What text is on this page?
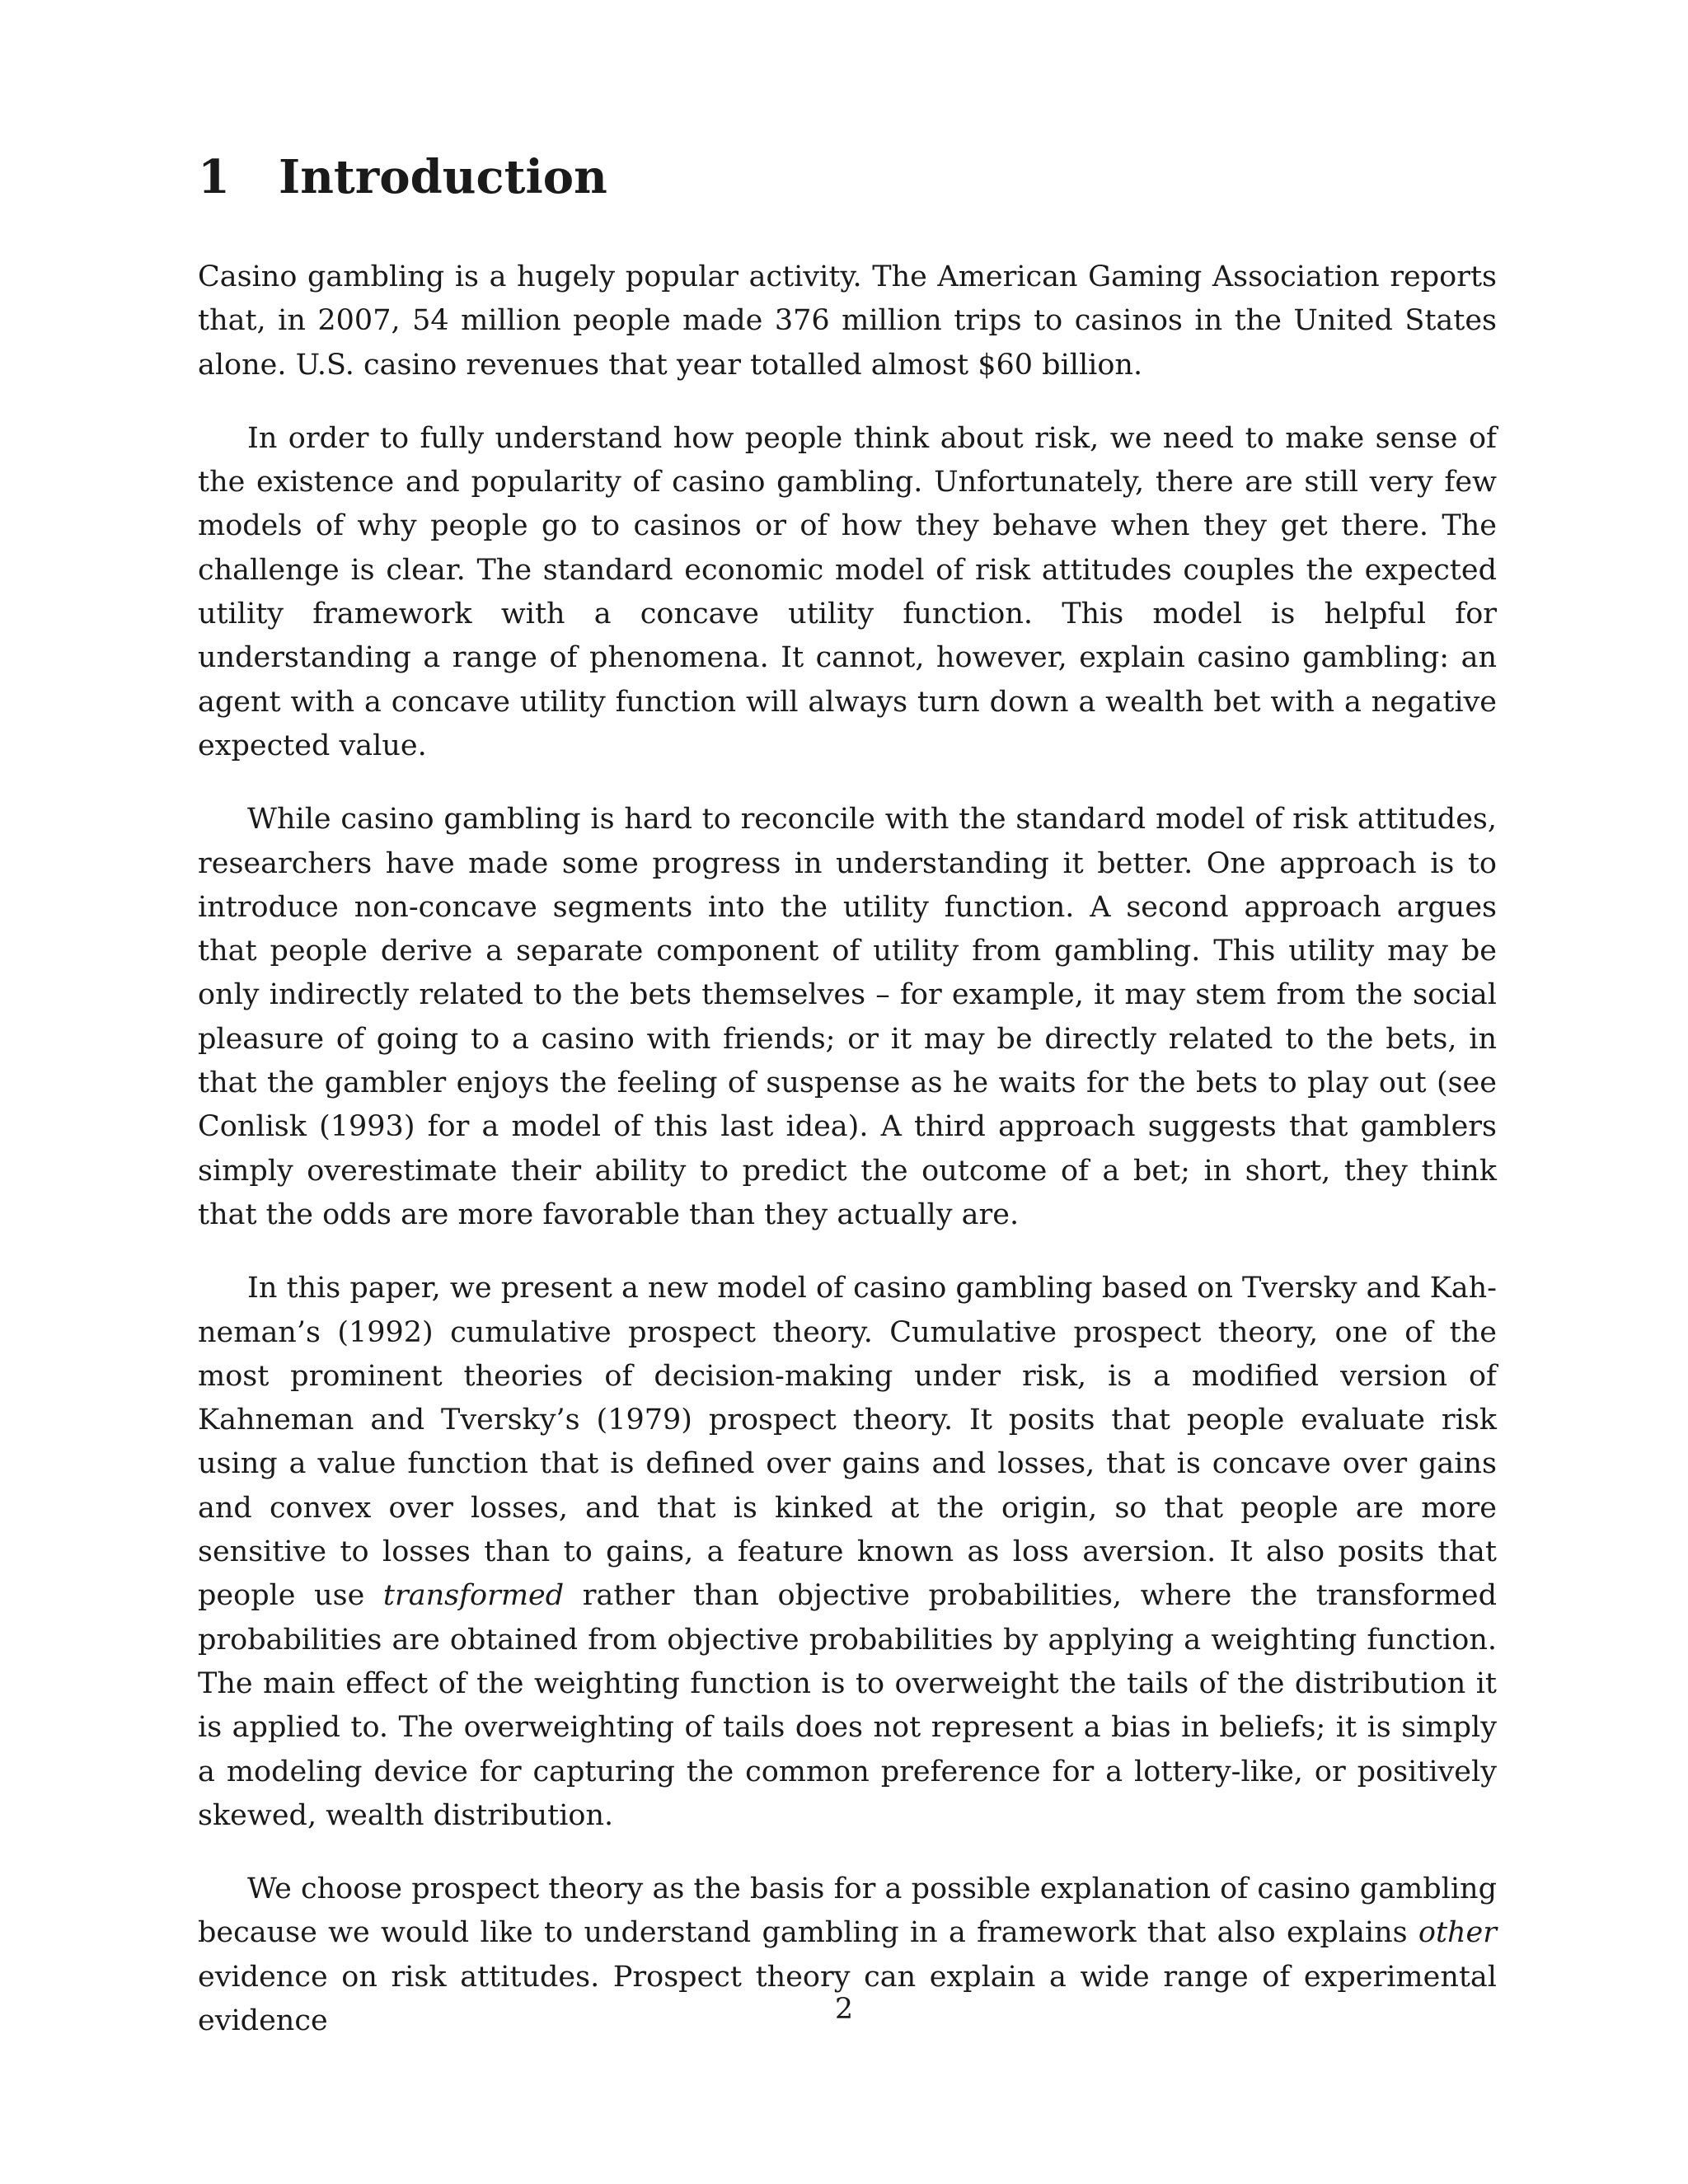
1 Introduction

Casino gambling is a hugely popular activity. The American Gaming Association reports that, in 2007, 54 million people made 376 million trips to casinos in the United States alone. U.S. casino revenues that year totalled almost $60 billion.

In order to fully understand how people think about risk, we need to make sense of the existence and popularity of casino gambling. Unfortunately, there are still very few models of why people go to casinos or of how they behave when they get there. The challenge is clear. The standard economic model of risk attitudes couples the expected utility framework with a concave utility function. This model is helpful for understanding a range of phenomena. It cannot, however, explain casino gambling: an agent with a concave utility function will always turn down a wealth bet with a negative expected value.

While casino gambling is hard to reconcile with the standard model of risk attitudes, researchers have made some progress in understanding it better. One approach is to introduce non-concave segments into the utility function. A second approach argues that people derive a separate component of utility from gambling. This utility may be only indirectly related to the bets themselves – for example, it may stem from the social pleasure of going to a casino with friends; or it may be directly related to the bets, in that the gambler enjoys the feeling of suspense as he waits for the bets to play out (see Conlisk (1993) for a model of this last idea). A third approach suggests that gamblers simply overestimate their ability to predict the outcome of a bet; in short, they think that the odds are more favorable than they actually are.

In this paper, we present a new model of casino gambling based on Tversky and Kahneman’s (1992) cumulative prospect theory. Cumulative prospect theory, one of the most prominent theories of decision-making under risk, is a modified version of Kahneman and Tversky’s (1979) prospect theory. It posits that people evaluate risk using a value function that is defined over gains and losses, that is concave over gains and convex over losses, and that is kinked at the origin, so that people are more sensitive to losses than to gains, a feature known as loss aversion. It also posits that people use transformed rather than objective probabilities, where the transformed probabilities are obtained from objective probabilities by applying a weighting function. The main effect of the weighting function is to overweight the tails of the distribution it is applied to. The overweighting of tails does not represent a bias in beliefs; it is simply a modeling device for capturing the common preference for a lottery-like, or positively skewed, wealth distribution.

We choose prospect theory as the basis for a possible explanation of casino gambling because we would like to understand gambling in a framework that also explains other evidence on risk attitudes. Prospect theory can explain a wide range of experimental evidence	2
